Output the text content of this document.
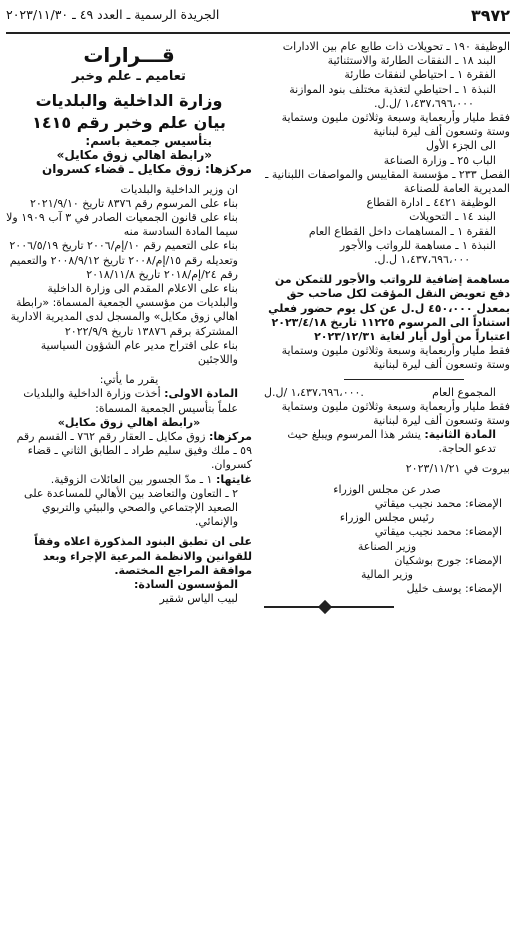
٣٩٧٢
الجريدة الرسمية ـ العدد ٤٩ ـ ٢٠٢٣/١١/٣٠

الوظيفة ١٩٠ ـ تحويلات ذات طابع عام بين الادارات

البند ١٨ ـ النفقات الطارئة والاستثنائية

الفقرة ١ ـ احتياطي لنفقات طارئة

النبذة ١ ـ احتياطي لتغذية مختلف بنود الموازنة

١،٤٣٧،٦٩٦،٠٠٠ /ل.ل.

فقط مليار وأربعماية وسبعة وثلاثون مليون وستماية وستة وتسعون ألف ليرة لبنانية

الى الجزء الأول

الباب ٢٥ ـ وزارة الصناعة

الفصل ٢٣٣ ـ مؤسسة المقاييس والمواصفات اللبنانية ـ المديرية العامة للصناعة

الوظيفة ٤٤٢١ ـ ادارة القطاع

البند ١٤ ـ التحويلات

الفقرة ١ ـ المساهمات داخل القطاع العام

النبذة ١ ـ مساهمة للرواتب والأجور

١،٤٣٧،٦٩٦،٠٠٠ ل.ل.

مساهمة إضافية للرواتب والأجور للتمكن من دفع تعويض النقل المؤقت لكل صاحب حق بمعدل ٤٥٠،٠٠٠ ل.ل عن كل يوم حضور فعلي استناداً الى المرسوم ١١٢٢٥ تاريخ ٢٠٢٣/٤/١٨ اعتباراً من أول أيار لغاية ٢٠٢٣/١٢/٣١

فقط مليار وأربعماية وسبعة وثلاثون مليون وستماية وستة وتسعون ألف ليرة لبنانية

المجموع العام
١،٤٣٧،٦٩٦،٠٠٠ /ل.ل.

فقط مليار وأربعماية وسبعة وثلاثون مليون وستماية وستة وتسعون ألف ليرة لبنانية

المادة الثانية: ينشر هذا المرسوم ويبلغ حيث تدعو الحاجة.

بيروت في ٢٠٢٣/١١/٢١

صدر عن مجلس الوزراء

الإمضاء: محمد نجيب ميقاتي

رئيس مجلس الوزراء

الإمضاء: محمد نجيب ميقاتي

وزير الصناعة

الإمضاء: جورج بوشكيان

وزير المالية

الإمضاء: يوسف خليل

قـــرارات
تعاميم ـ علم وخبر
وزارة الداخلية والبلديات
بيان علم وخبر رقم ١٤١٥

بتأسيس جمعية باسم:

«رابطة اهالي زوق مكايل»

مركزها: زوق مكايل ـ قضاء كسروان

ان وزير الداخلية والبلديات

بناء على المرسوم رقم ٨٣٧٦ تاريخ ٢٠٢١/٩/١٠

بناء على قانون الجمعيات الصادر في ٣ آب ١٩٠٩ ولا سيما المادة السادسة منه

بناء على التعميم رقم ١٠/إم/٢٠٠٦ تاريخ ٢٠٠٦/٥/١٩ وتعديله رقم ١٥/إم/٢٠٠٨ تاريخ ٢٠٠٨/٩/١٢ والتعميم رقم ٢٤/إم/٢٠١٨ تاريخ ٢٠١٨/١١/٨

بناء على الاعلام المقدم الى وزارة الداخلية والبلديات من مؤسسي الجمعية المسماة: «رابطة اهالي زوق مكايل» والمسجل لدى المديرية الادارية المشتركة برقم ١٣٨٧٦ تاريخ ٢٠٢٢/٩/٩

بناء على اقتراح مدير عام الشؤون السياسية واللاجئين

يقرر ما يأتي:

المادة الاولى: أخذت وزارة الداخلية والبلديات علماً بتأسيس الجمعية المسماة:

«رابطة اهالي زوق مكايل»

مركزها: زوق مكايل ـ العقار رقم ٧٦٢ ـ القسم رقم ٥٩ ـ ملك وفيق سليم طراد ـ الطابق الثاني ـ قضاء كسروان.

غايتها: ١ ـ مدّ الجسور بين العائلات الزوقية.

٢ ـ التعاون والتعاضد بين الأهالي للمساعدة على الصعيد الإجتماعي والصحي والبيئي والتربوي والإنمائي.

على ان تطبق البنود المذكورة اعلاه وفقاً للقوانين والانظمة المرعية الإجراء وبعد موافقة المراجع المختصة.

المؤسسون السادة:

لبيب الياس شقير
